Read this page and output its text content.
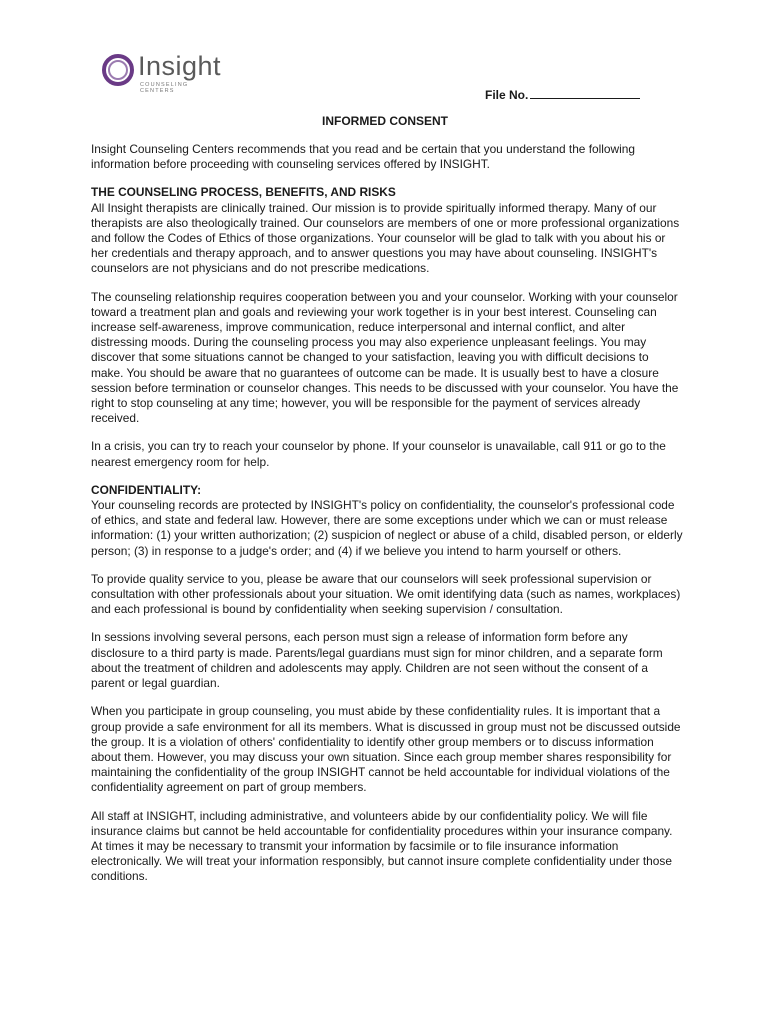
Insight
COUNSELING
CENTERS	File No.
INFORMED CONSENT

Insight Counseling Centers recommends that you read and be certain that you understand the following information before proceeding with counseling services offered by INSIGHT.

THE COUNSELING PROCESS, BENEFITS, AND RISKS

All Insight therapists are clinically trained. Our mission is to provide spiritually informed therapy. Many of our therapists are also theologically trained. Our counselors are members of one or more professional organizations and follow the Codes of Ethics of those organizations. Your counselor will be glad to talk with you about his or her credentials and therapy approach, and to answer questions you may have about counseling. INSIGHT's counselors are not physicians and do not prescribe medications.

The counseling relationship requires cooperation between you and your counselor. Working with your counselor toward a treatment plan and goals and reviewing your work together is in your best interest. Counseling can increase self-awareness, improve communication, reduce interpersonal and internal conflict, and alter distressing moods. During the counseling process you may also experience unpleasant feelings. You may discover that some situations cannot be changed to your satisfaction, leaving you with difficult decisions to make. You should be aware that no guarantees of outcome can be made. It is usually best to have a closure session before termination or counselor changes. This needs to be discussed with your counselor. You have the right to stop counseling at any time; however, you will be responsible for the payment of services already received.

In a crisis, you can try to reach your counselor by phone. If your counselor is unavailable, call 911 or go to the nearest emergency room for help.

CONFIDENTIALITY:

Your counseling records are protected by INSIGHT's policy on confidentiality, the counselor's professional code of ethics, and state and federal law. However, there are some exceptions under which we can or must release information: (1) your written authorization; (2) suspicion of neglect or abuse of a child, disabled person, or elderly person; (3) in response to a judge's order; and (4) if we believe you intend to harm yourself or others.

To provide quality service to you, please be aware that our counselors will seek professional supervision or consultation with other professionals about your situation. We omit identifying data (such as names, workplaces) and each professional is bound by confidentiality when seeking supervision / consultation.

In sessions involving several persons, each person must sign a release of information form before any disclosure to a third party is made. Parents/legal guardians must sign for minor children, and a separate form about the treatment of children and adolescents may apply. Children are not seen without the consent of a parent or legal guardian.

When you participate in group counseling, you must abide by these confidentiality rules. It is important that a group provide a safe environment for all its members. What is discussed in group must not be discussed outside the group. It is a violation of others' confidentiality to identify other group members or to discuss information about them. However, you may discuss your own situation. Since each group member shares responsibility for maintaining the confidentiality of the group INSIGHT cannot be held accountable for individual violations of the confidentiality agreement on part of group members.

All staff at INSIGHT, including administrative, and volunteers abide by our confidentiality policy. We will file insurance claims but cannot be held accountable for confidentiality procedures within your insurance company. At times it may be necessary to transmit your information by facsimile or to file insurance information electronically. We will treat your information responsibly, but cannot insure complete confidentiality under those conditions.
